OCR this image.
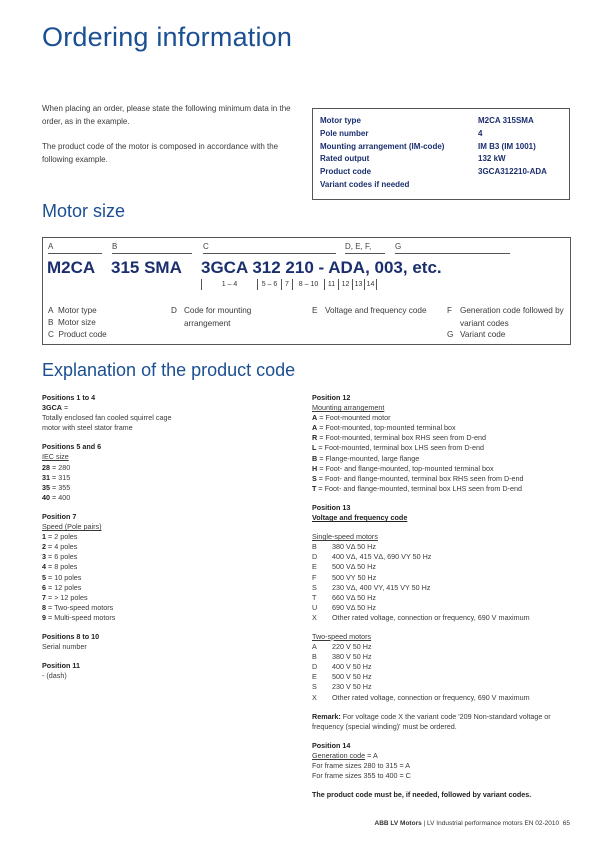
Ordering information
When placing an order, please state the following minimum data in the order, as in the example.
The product code of the motor is composed in accordance with the following example.
Motor type	M2CA 315SMA
Pole number	4
Mounting arrangement (IM-code)	IM B3 (IM 1001)
Rated output	132 kW
Product code	3GCA312210-ADA
Variant codes if needed
Motor size
A	B	C	D, E, F,	G
M2CA 315 SMA 3GCA 312 210 - ADA, 003, etc.
1 – 4	5 – 6	7	8 – 10	11 12 13 14
A Motor type
B Motor size
C Product code
D Code for mounting arrangement
E Voltage and frequency code	F Generation code followed by variant codes
G Variant code
Explanation of the product code
Positions 1 to 4
3GCA =
Totally enclosed fan cooled squirrel cage motor with steel stator frame
Positions 5 and 6
IEC size
28 = 280
31 = 315
35 = 355
40 = 400
Position 7
Speed (Pole pairs)
1 = 2 poles
2 = 4 poles
3 = 6 poles
4 = 8 poles
5 = 10 poles
6 = 12 poles
7 = > 12 poles
8 = Two-speed motors
9 = Multi-speed motors
Positions 8 to 10
Serial number
Position 11
- (dash)
Position 12
Mounting arrangement
A = Foot-mounted motor
A = Foot-mounted, top-mounted terminal box
R = Foot-mounted, terminal box RHS seen from D-end
L = Foot-mounted, terminal box LHS seen from D-end
B = Flange-mounted, large flange
H = Foot- and flange-mounted, top-mounted terminal box
S = Foot- and flange-mounted, terminal box RHS seen from D-end
T = Foot- and flange-mounted, terminal box LHS seen from D-end
Position 13
Voltage and frequency code
Single-speed motors
B	380 VΔ 50 Hz
D	400 VΔ, 415 VΔ, 690 VY 50 Hz
E	500 VΔ 50 Hz
F	500 VY 50 Hz
S	230 VΔ, 400 VY, 415 VY 50 Hz
T	660 VΔ 50 Hz
U	690 VΔ 50 Hz
X	Other rated voltage, connection or frequency, 690 V maximum
Two-speed motors
A	220 V 50 Hz
B	380 V 50 Hz
D	400 V 50 Hz
E	500 V 50 Hz
S	230 V 50 Hz
X	Other rated voltage, connection or frequency, 690 V maximum
Remark: For voltage code X the variant code '209 Non-standard voltage or frequency (special winding)' must be ordered.
Position 14
Generation code = A
For frame sizes 280 to 315 = A
For frame sizes 355 to 400 = C
The product code must be, if needed, followed by variant codes.
ABB LV Motors | LV Industrial performance motors EN 02-2010 65
